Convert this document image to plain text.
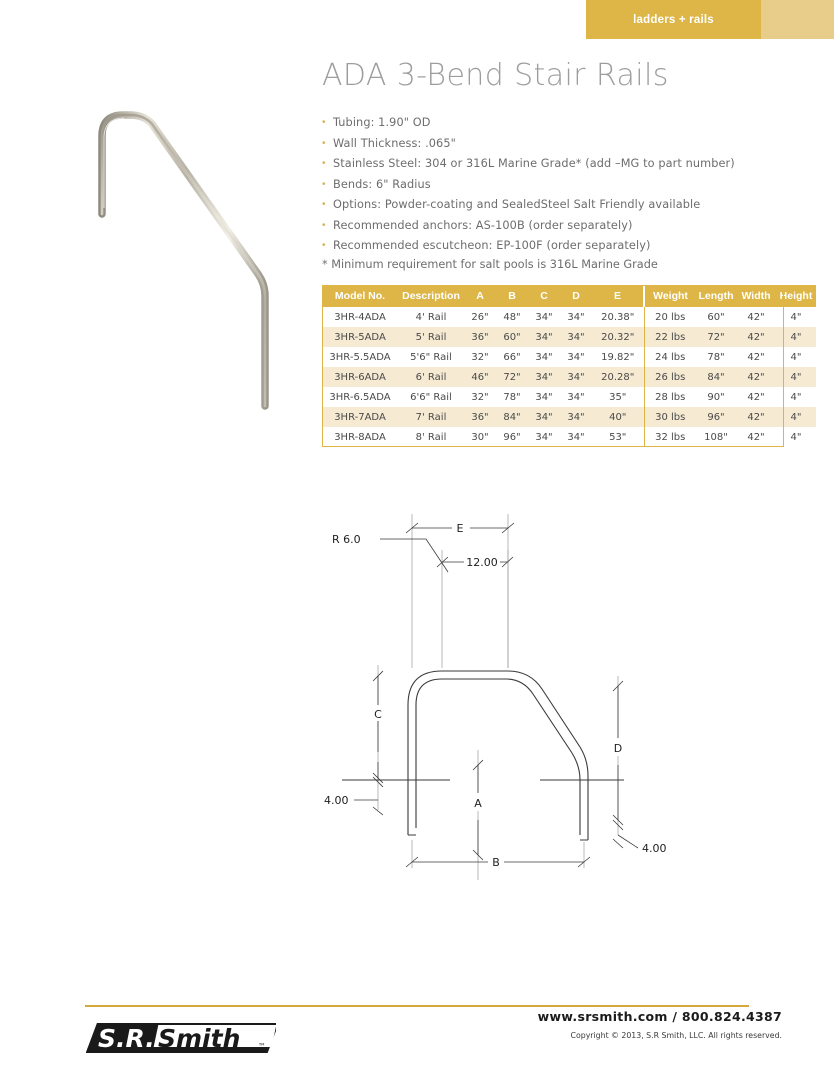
ladders + rails
ADA 3-Bend Stair Rails
• Tubing: 1.90" OD
• Wall Thickness: .065"
• Stainless Steel: 304 or 316L Marine Grade* (add –MG to part number)
• Bends: 6" Radius
• Options: Powder-coating and SealedSteel Salt Friendly available
• Recommended anchors: AS-100B (order separately)
• Recommended escutcheon: EP-100F (order separately)
* Minimum requirement for salt pools is 316L Marine Grade
Model No.	Description	A	B	C	D	E	Weight	Length	Width	Height
3HR-4ADA	4' Rail	26"	48"	34"	34"	20.38"	20 lbs	60"	42"	4"
3HR-5ADA	5' Rail	36"	60"	34"	34"	20.32"	22 lbs	72"	42"	4"
3HR-5.5ADA	5'6" Rail	32"	66"	34"	34"	19.82"	24 lbs	78"	42"	4"
3HR-6ADA	6' Rail	46"	72"	34"	34"	20.28"	26 lbs	84"	42"	4"
3HR-6.5ADA	6'6" Rail	32"	78"	34"	34"	35"	28 lbs	90"	42"	4"
3HR-7ADA	7' Rail	36"	84"	34"	34"	40"	30 lbs	96"	42"	4"
3HR-8ADA	8' Rail	30"	96"	34"	34"	53"	32 lbs	108"	42"	4"
E
12.00
C
A
D
B
R 6.0
4.00
4.00
S.R. Smith ™
www.srsmith.com / 800.824.4387
Copyright © 2013, S.R Smith, LLC. All rights reserved.
